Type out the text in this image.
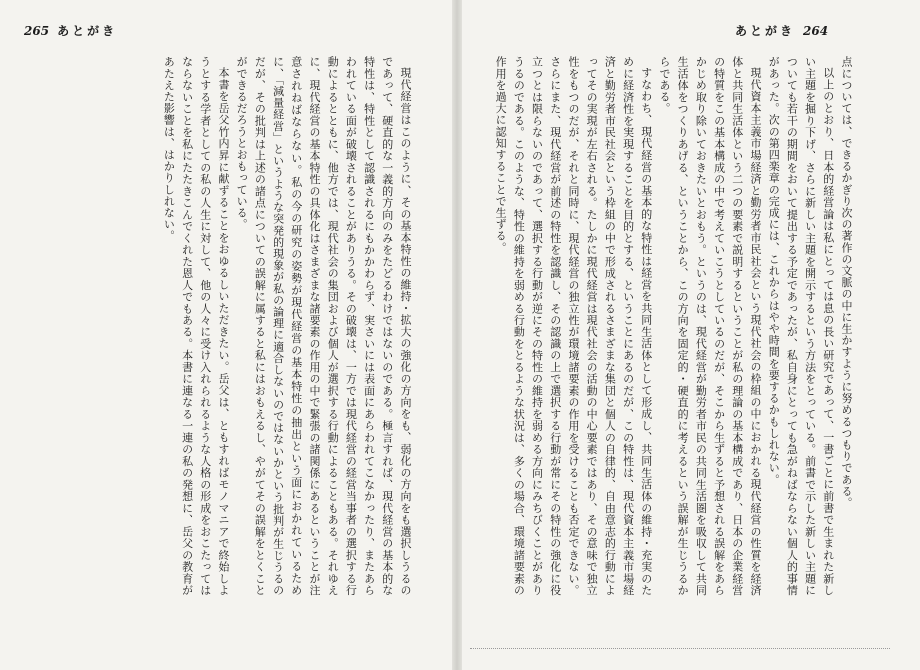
265 あとがき	あとがき 264

点については、できるかぎり次の著作の文脈の中に生かすように努めるつもりである。

以上のとおり、日本的経営論は私にとっては息の長い研究であって、一書ごとに前書で生まれた新しい主題を掘り下げ、さらに新しい主題を開示するという方法をとっている。前書で示した新しい主題についても若干の期間をおいて提出する予定であったが、私自身にとっても急がねばならない個人的事情があった。次の第四楽章の完成には、これからはやや時間を要するかもしれない。

現代資本主義市場経済と勤労者市民社会という現代社会の枠組の中におかれる現代経営の性質を経済体と共同生活体という二つの要素で説明するということが私の理論の基本構成であり、日本の企業経営の特質をこの基本構成の中で考えていこうとしているのだが、そこから生ずると予想される誤解をあらかじめ取り除いておきたいとおもう。というのは、現代経営が勤労者市民の共同生活圏を吸収して共同生活体をつくりあげる、ということから、この方向を固定的・硬直的に考えるという誤解が生じうるからである。

すなわち、現代経営の基本的な特性は経営を共同生活体として形成し、共同生活体の維持・充実のために経済性を実現することを目的とする、ということにあるのだが、この特性は、現代資本主義市場経済と勤労者市民社会という枠組の中で形成されるさまざまな集団と個人の自律的、自由意志的行動によってその実現が左右される。たしかに現代経営は現代社会の活動の中心要素ではあり、その意味で独立性をもつのだが、それと同時に、現代経営の独立性が環境諸要素の作用を受けることも否定できない。さらにまた、現代経営が前述の特性を認識し、その認識の上で選択する行動が常にその特性の強化に役立つとは限らないのであって、選択する行動が逆にその特性の維持を弱める方向にみちびくことがありうるのである。このような、特性の維持を弱める行動をとるような状況は、多くの場合、環境諸要素の作用を過大に認知することで生ずる。

現代経営はこのように、その基本特性の維持・拡大の強化の方向をも、弱化の方向をも選択しうるのであって、硬直的な一義的方向のみをたどるわけではないのである。極言すれば、現代経営の基本的な特性は、特性として認識されるにもかかわらず、実さいには表面にあらわれてこなかったり、またあらわれている面が破壊されることがありうる。その破壊は、一方では現代経営の経営当事者の選択する行動によるとともに、他方では、現代社会の集団および個人が選択する行動によることもある。それゆえに、現代経営の基本特性の具体化はさまざまな諸要素の作用の中で緊張の諸関係にあるということが注意されねばならない。私の今の研究の姿勢が現代経営の基本特性の抽出という面におかれているために、「減量経営」というような突発的現象が私の論理に適合しないのではないかという批判が生じうるのだが、その批判は上述の諸点についての誤解に属すると私にはおもえるし、やがてその誤解をとくことができるだろうとおもっている。

本書を岳父竹内昇に献ずることをおゆるしいただきたい。岳父は、ともすればモノマニアで終始しようとする学者としての私の人生に対して、他の人々に受け入れられるような人格の形成をおこたってはならないことを私にたたきこんでくれた恩人でもある。本書に連なる一連の私の発想に、岳父の教育があたえた影響は、はかりしれない。
